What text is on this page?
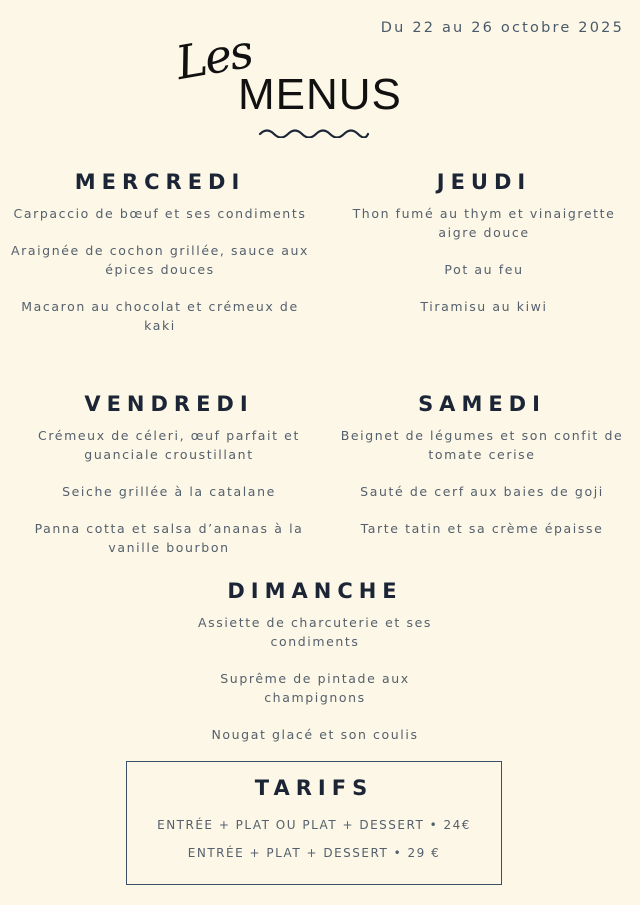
Du 22 au 26 octobre 2025
Les
MENUS
MERCREDI
Carpaccio de bœuf et ses condiments
Araignée de cochon grillée, sauce aux épices douces
Macaron au chocolat et crémeux de kaki
JEUDI
Thon fumé au thym et vinaigrette aigre douce
Pot au feu
Tiramisu au kiwi
VENDREDI
Crémeux de céleri, œuf parfait et guanciale croustillant
Seiche grillée à la catalane
Panna cotta et salsa d’ananas à la vanille bourbon
SAMEDI
Beignet de légumes et son confit de tomate cerise
Sauté de cerf aux baies de goji
Tarte tatin et sa crème épaisse
DIMANCHE
Assiette de charcuterie et ses condiments
Suprême de pintade aux champignons
Nougat glacé et son coulis
TARIFS
ENTRÉE + PLAT OU PLAT + DESSERT • 24€
ENTRÉE + PLAT + DESSERT • 29 €
